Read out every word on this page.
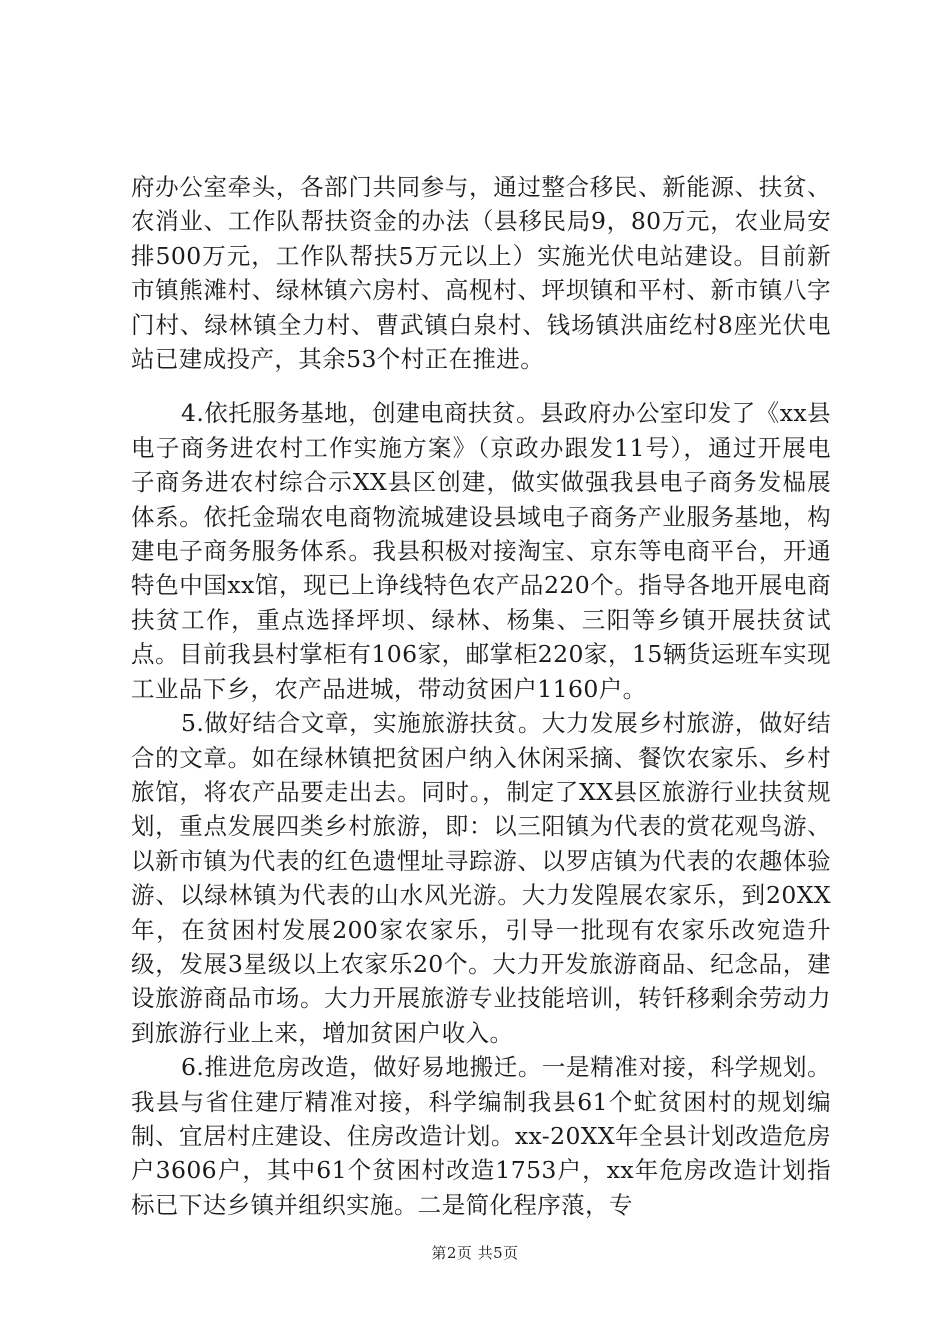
府办公室牵头，各部门共同参与，通过整合移民、新能源、扶贫、农消业、工作队帮扶资金的办法（县移民局9，80万元，农业局安排500万元，工作队帮扶5万元以上）实施光伏电站建设。目前新市镇熊滩村、绿林镇六房村、高枧村、坪坝镇和平村、新市镇八字门村、绿林镇全力村、曹武镇白泉村、钱场镇洪庙纥村8座光伏电站已建成投产，其余53个村正在推进。

4.依托服务基地，创建电商扶贫。县政府办公室印发了《xx县电子商务进农村工作实施方案》（京政办跟发11号），通过开展电子商务进农村综合示XX县区创建，做实做强我县电子商务发榀展体系。依托金瑞农电商物流城建设县域电子商务产业服务基地，构建电子商务服务体系。我县积极对接淘宝、京东等电商平台，开通特色中国xx馆，现已上诤线特色农产品220个。指导各地开展电商扶贫工作，重点选择坪坝、绿林、杨集、三阳等乡镇开展扶贫试点。目前我县村掌柜有106家，邮掌柜220家，15辆货运班车实现工业品下乡，农产品进城，带动贫困户1160户。

5.做好结合文章，实施旅游扶贫。大力发展乡村旅游，做好结合的文章。如在绿林镇把贫困户纳入休闲采摘、餐饮农家乐、乡村旅馆，将农产品要走出去。同时。，制定了XX县区旅游行业扶贫规划，重点发展四类乡村旅游，即：以三阳镇为代表的赏花观鸟游、以新市镇为代表的红色遗悝址寻踪游、以罗店镇为代表的农趣体验游、以绿林镇为代表的山水风光游。大力发隍展农家乐，到20XX年，在贫困村发展200家农家乐，引导一批现有农家乐改宛造升级，发展3星级以上农家乐20个。大力开发旅游商品、纪念品，建设旅游商品市场。大力开展旅游专业技能培训，转钎移剩余劳动力到旅游行业上来，增加贫困户收入。

6.推进危房改造，做好易地搬迁。一是精准对接，科学规划。我县与省住建厅精准对接，科学编制我县61个虻贫困村的规划编制、宜居村庄建设、住房改造计划。xx-20XX年全县计划改造危房户3606户，其中61个贫困村改造1753户，xx年危房改造计划指标已下达乡镇并组织实施。二是简化程序蒗，专

第2页 共5页
